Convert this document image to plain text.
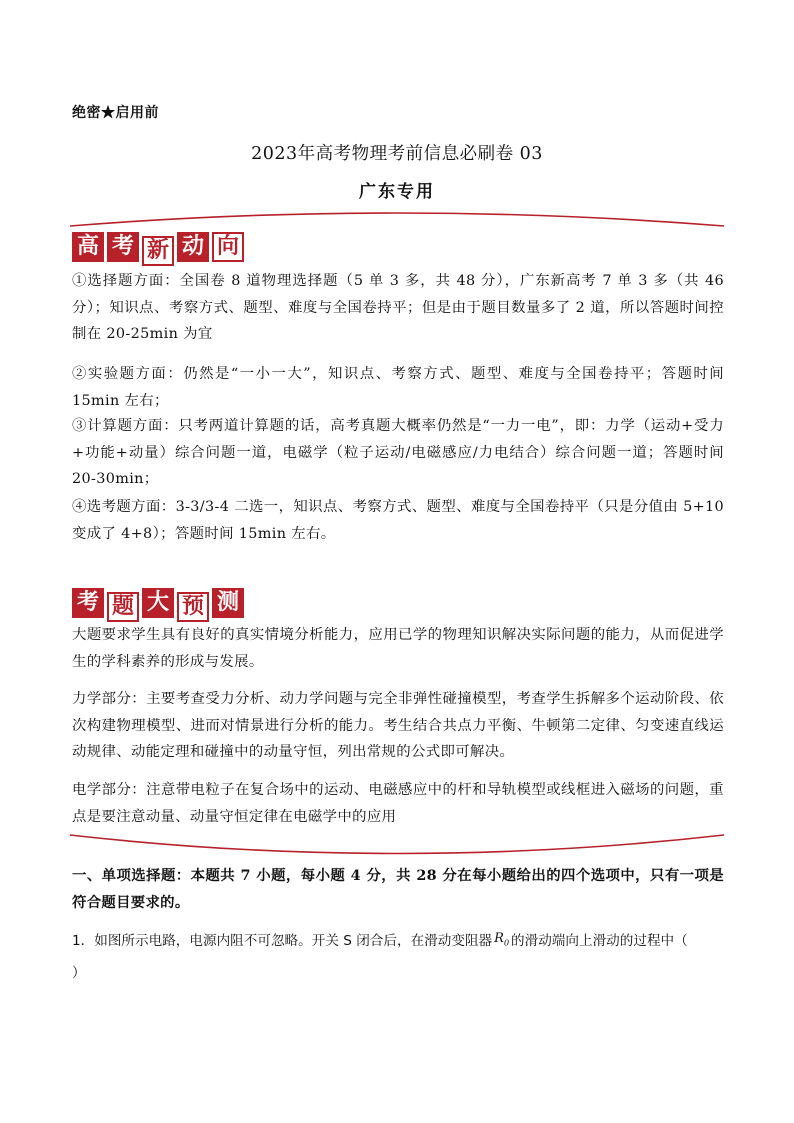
绝密★启用前
2023年高考物理考前信息必刷卷 03
广东专用
高 考 新 动 向
①选择题方面：全国卷 8 道物理选择题（5 单 3 多，共 48 分），广东新高考 7 单 3 多（共 46 分）；知识点、考察方式、题型、难度与全国卷持平；但是由于题目数量多了 2 道，所以答题时间控制在 20-25min 为宜
②实验题方面：仍然是“一小一大”，知识点、考察方式、题型、难度与全国卷持平；答题时间 15min 左右；
③计算题方面：只考两道计算题的话，高考真题大概率仍然是“一力一电”，即：力学（运动+受力+功能+动量）综合问题一道，电磁学（粒子运动/电磁感应/力电结合）综合问题一道；答题时间 20-30min；
④选考题方面：3-3/3-4 二选一，知识点、考察方式、题型、难度与全国卷持平（只是分值由 5+10 变成了 4+8）；答题时间 15min 左右。
考 题 大 预 测
大题要求学生具有良好的真实情境分析能力，应用已学的物理知识解决实际问题的能力，从而促进学生的学科素养的形成与发展。
力学部分：主要考查受力分析、动力学问题与完全非弹性碰撞模型，考查学生拆解多个运动阶段、依次构建物理模型、进而对情景进行分析的能力。考生结合共点力平衡、牛顿第二定律、匀变速直线运动规律、动能定理和碰撞中的动量守恒，列出常规的公式即可解决。
电学部分：注意带电粒子在复合场中的运动、电磁感应中的杆和导轨模型或线框进入磁场的问题，重点是要注意动量、动量守恒定律在电磁学中的应用
一、单项选择题：本题共 7 小题，每小题 4 分，共 28 分在每小题给出的四个选项中，只有一项是符合题目要求的。
1．如图所示电路，电源内阻不可忽略。开关 S 闭合后，在滑动变阻器 $R_0$ 的滑动端向上滑动的过程中（）
